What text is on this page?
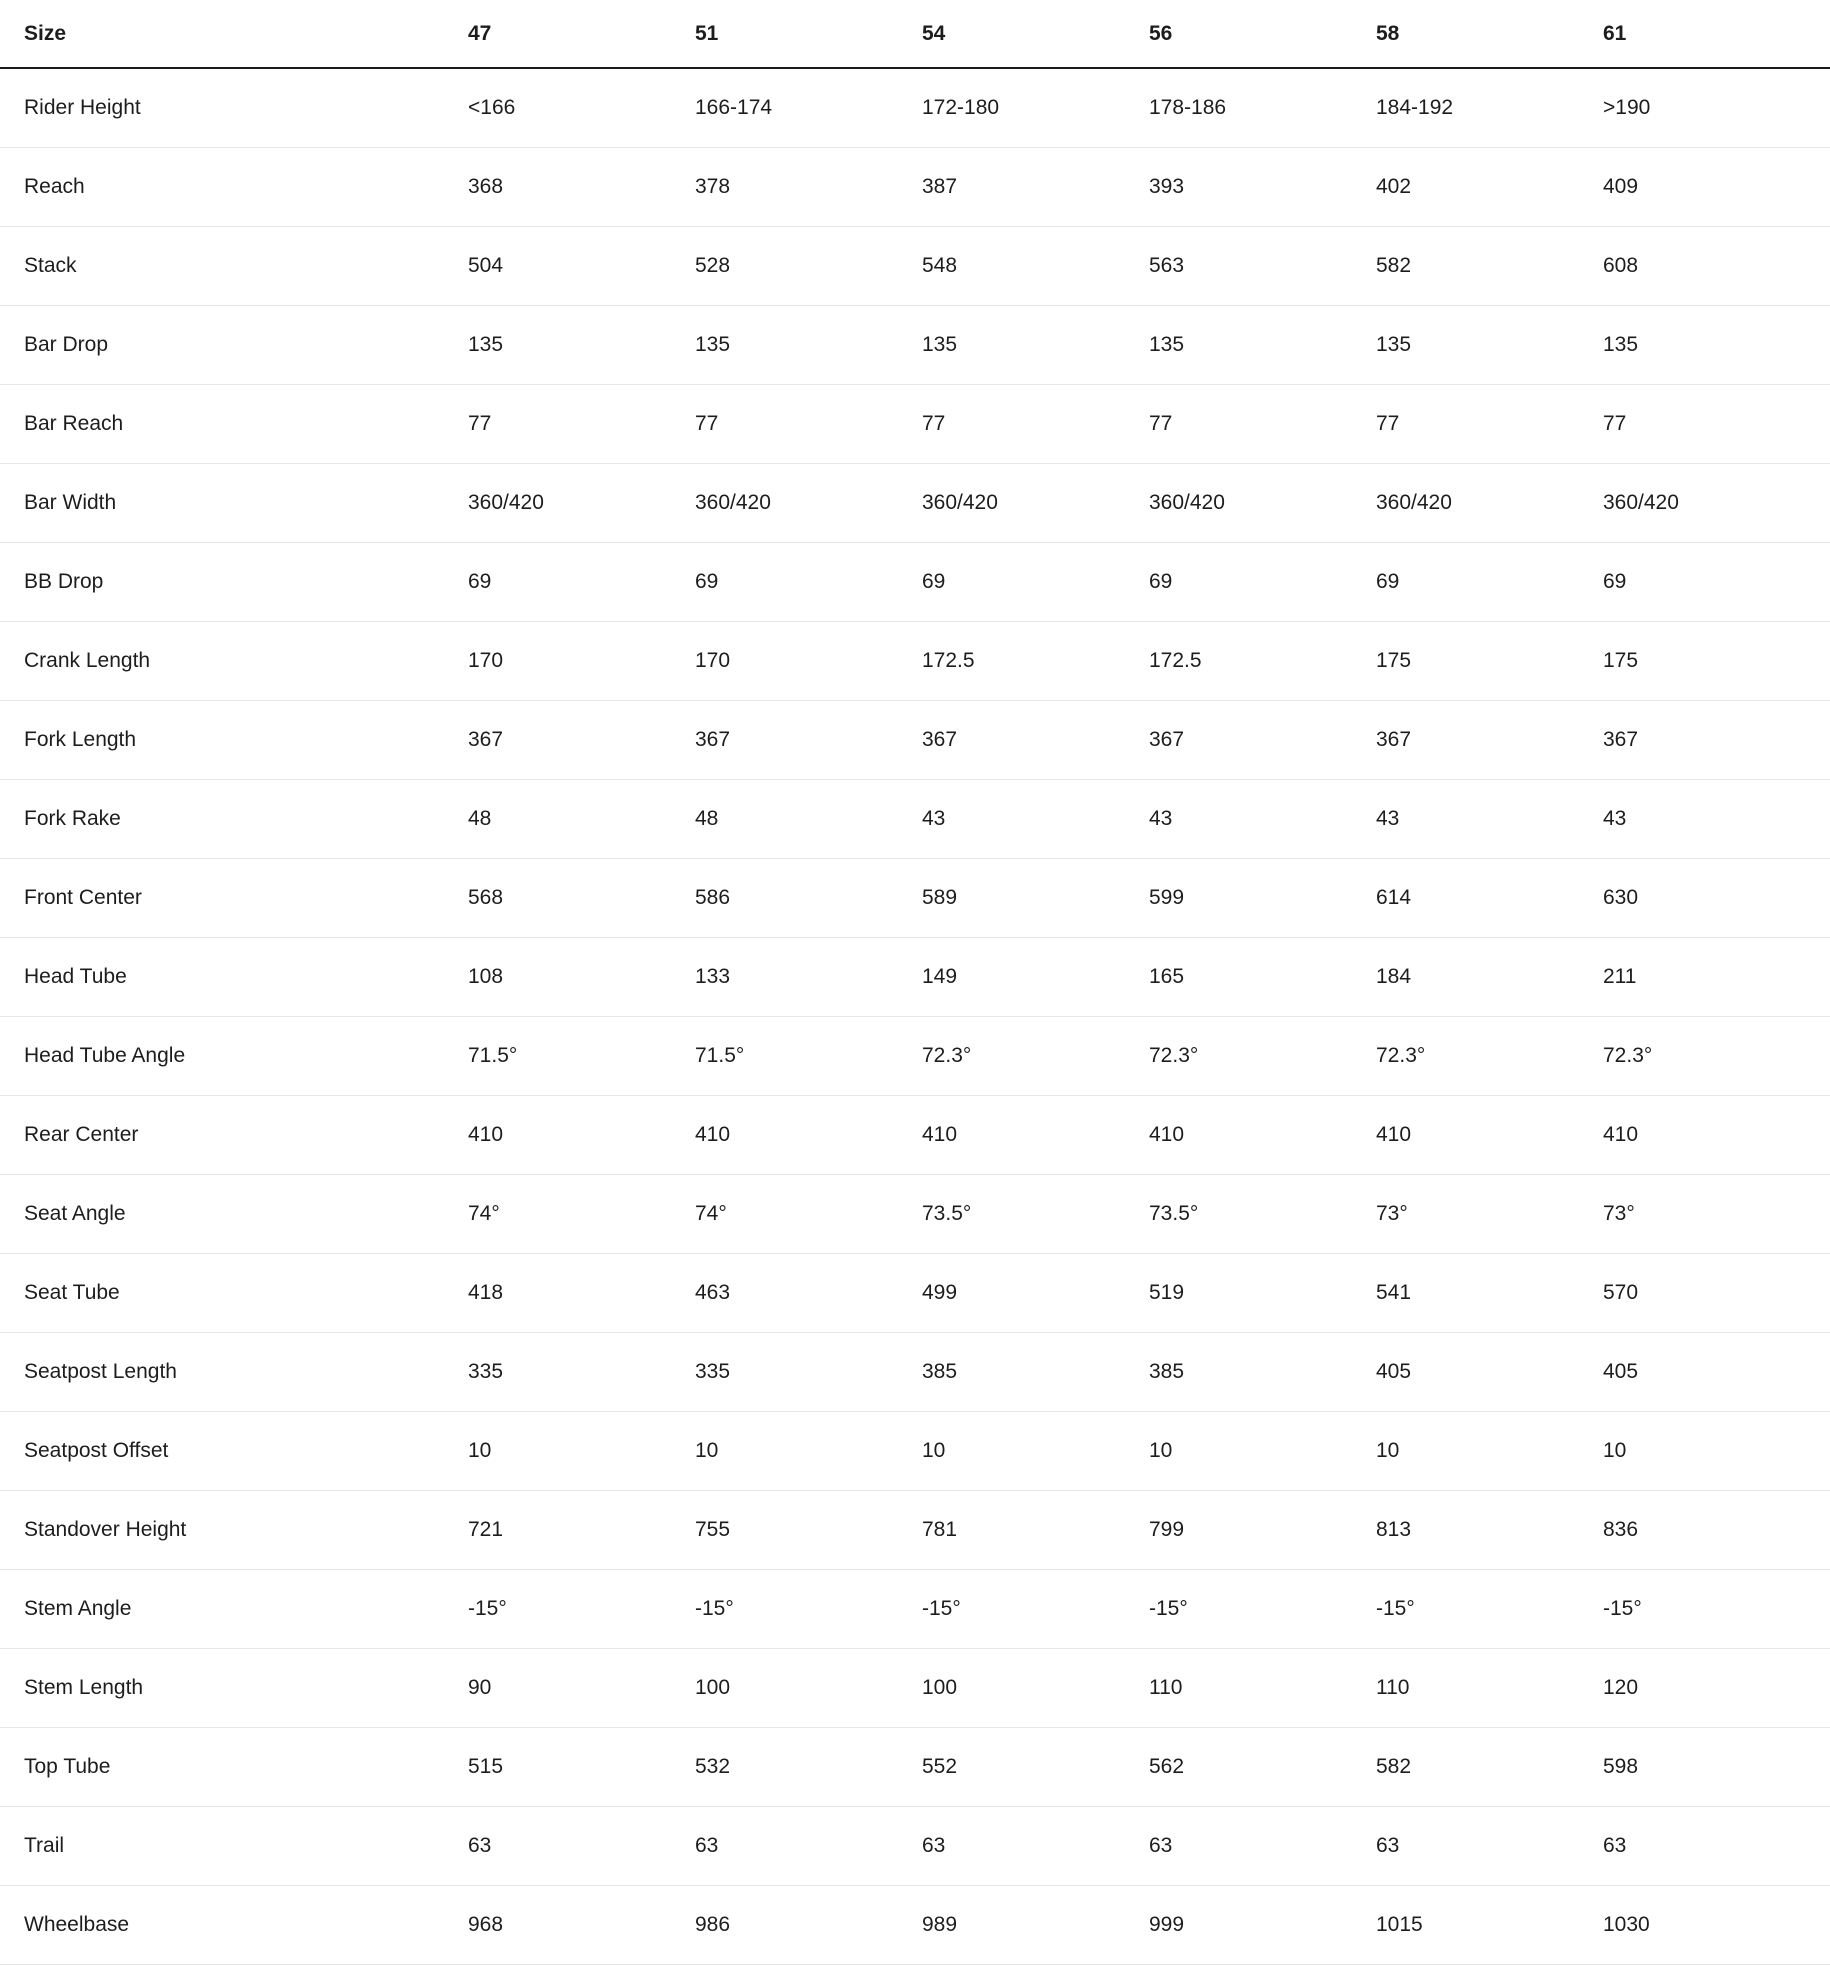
Size	47	51	54	56	58	61
Rider Height	<166	166-174	172-180	178-186	184-192	>190
Reach	368	378	387	393	402	409
Stack	504	528	548	563	582	608
Bar Drop	135	135	135	135	135	135
Bar Reach	77	77	77	77	77	77
Bar Width	360/420	360/420	360/420	360/420	360/420	360/420
BB Drop	69	69	69	69	69	69
Crank Length	170	170	172.5	172.5	175	175
Fork Length	367	367	367	367	367	367
Fork Rake	48	48	43	43	43	43
Front Center	568	586	589	599	614	630
Head Tube	108	133	149	165	184	211
Head Tube Angle	71.5°	71.5°	72.3°	72.3°	72.3°	72.3°
Rear Center	410	410	410	410	410	410
Seat Angle	74°	74°	73.5°	73.5°	73°	73°
Seat Tube	418	463	499	519	541	570
Seatpost Length	335	335	385	385	405	405
Seatpost Offset	10	10	10	10	10	10
Standover Height	721	755	781	799	813	836
Stem Angle	-15°	-15°	-15°	-15°	-15°	-15°
Stem Length	90	100	100	110	110	120
Top Tube	515	532	552	562	582	598
Trail	63	63	63	63	63	63
Wheelbase	968	986	989	999	1015	1030
